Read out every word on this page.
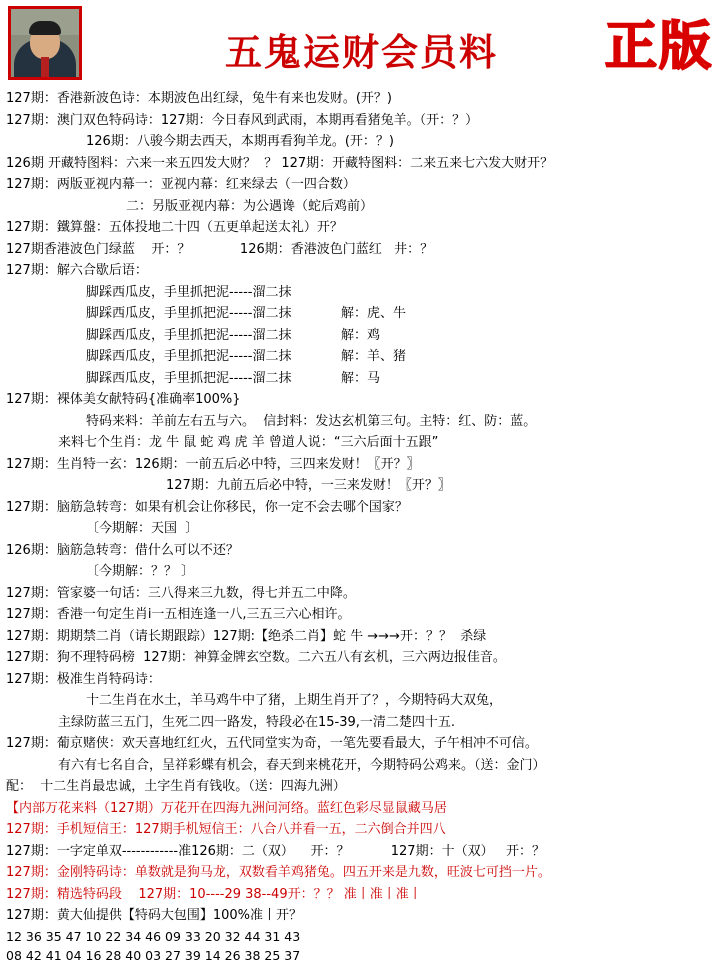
五鬼运财会员料	正版
127期：香港新波色诗：本期波色出红绿，兔牛有来也发财。(开？)
127期：澳门双色特码诗：127期：今日春风到武雨，本期再看猪兔羊。（开：？）
126期：八骏今期去西天，本期再看狗羊龙。(开：？)
126期 开藏特图料：六来一来五四发大财？  ？ 127期：开藏特图料：二来五来七六发大财开？
127期：两版亚视内幕一：亚视内幕：红来绿去（一四合数）
二：另版亚视内幕：为公遇谗（蛇后鸡前）
127期：鐵算盤：五体投地二十四（五更单起送太礼）开？
127期香港波色门绿蓝    开：？            126期：香港波色门蓝红   井：？
127期：解六合歇后语：
脚踩西瓜皮，手里抓把泥-----溜二抹
脚踩西瓜皮，手里抓把泥-----溜二抹            解：虎、牛
脚踩西瓜皮，手里抓把泥-----溜二抹            解：鸡
脚踩西瓜皮，手里抓把泥-----溜二抹            解：羊、猪
脚踩西瓜皮，手里抓把泥-----溜二抹            解：马
127期：裸体美女献特码{准确率100%}
特码来料：羊前左右五与六。  信封料：发达玄机第三句。主特：红、防：蓝。
来料七个生肖：龙 牛 鼠 蛇 鸡 虎 羊 曾道人说：“三六后面十五跟”
127期：生肖特一玄：126期：一前五后必中特，三四来发财！〖开？〗
127期：九前五后必中特，一三来发财！〖开？〗
127期：脑筋急转弯：如果有机会让你移民，你一定不会去哪个国家？
〔今期解：天国  〕
126期：脑筋急转弯：借什么可以不还？
〔今期解：？？ 〕
127期：管家婆一句话：三八得来三九数，得七并五二中降。
127期：香港一句定生肖ⅰ一五相连逢一八,三五三六心相许。
127期：期期禁二肖（请长期跟踪）127期:【绝杀二肖】蛇 牛 →→→开：？？  杀绿
127期：狗不理特码榜  127期：神算金牌玄空数。二六五八有玄机，三六两边报佳音。
127期：极准生肖特码诗：
十二生肖在水土，羊马鸡牛中了猪，上期生肖开了？，今期特码大双兔，
主绿防蓝三五门，生死二四一路发，特段必在15-39,一清二楚四十五.
127期：葡京赌侠：欢天喜地红红火，五代同堂实为奇，一笔先要看最大，子午相冲不可信。
有六有七名自合，呈祥彩蝶有机会，春天到来桃花开，今期特码公鸡来。（送：金门）
配：  十二生肖最忠诚，土字生肖有钱收。（送：四海九洲）
【内部万花来料（127期）万花开在四海九洲问河络。蓝红色彩尽显鼠藏马居
127期：手机短信王：127期手机短信王：八合八并看一五，二六倒合并四八
127期：一字定单双------------准126期：二（双）    开：？          127期：十（双）   开：？
127期：金刚特码诗：单数就是狗马龙，双数看羊鸡猪兔。四五开来是九数，旺波七可挡一片。
127期：精选特码段    127期：10----29 38--49开：？？ 准丨准丨准丨
127期：黄大仙提供【特码大包围】100%准丨开？
12 36 35 47 10 22 34 46 09 33 20 32 44 31 43
08 42 41 04 16 28 40 03 27 39 14 26 38 25 37
